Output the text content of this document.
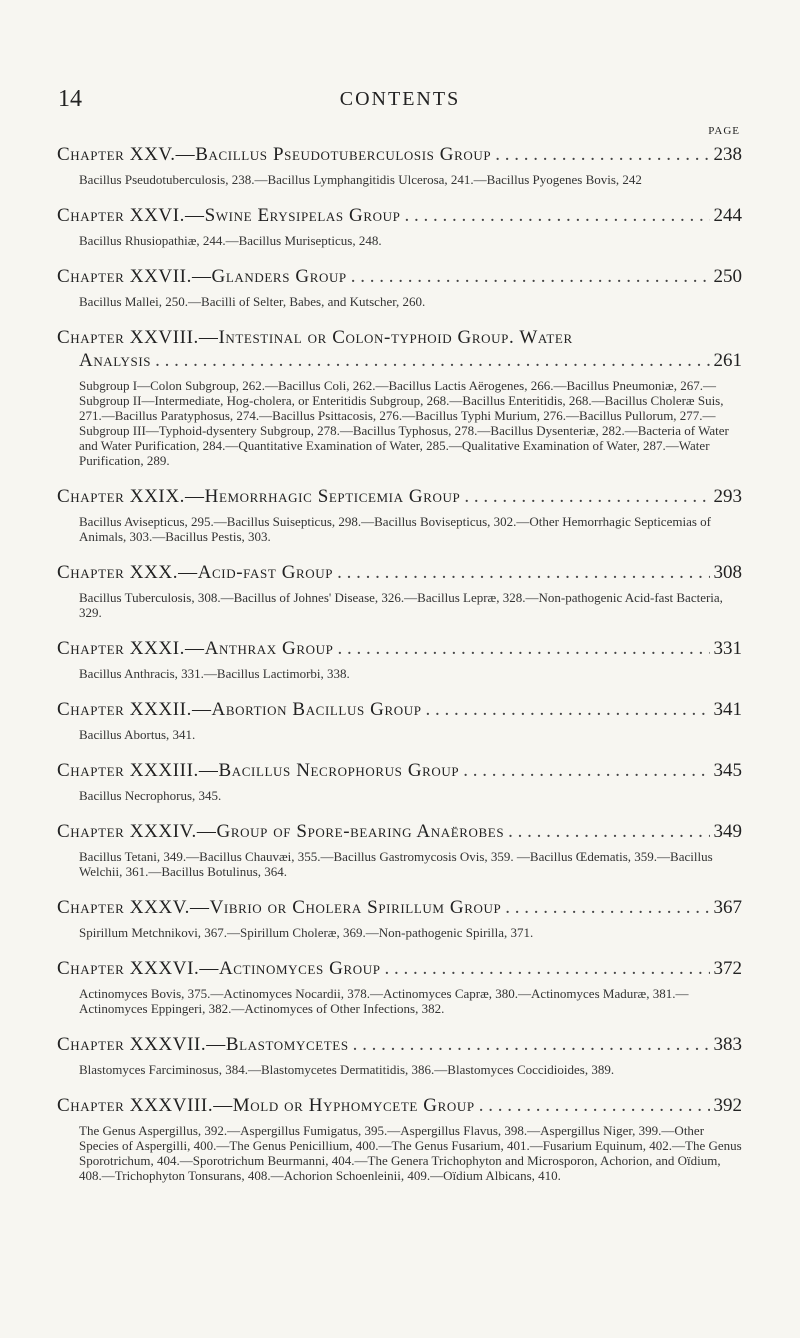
14	CONTENTS
PAGE
Chapter XXV.—Bacillus Pseudotuberculosis Group . . .	238
Bacillus Pseudotuberculosis, 238.—Bacillus Lymphangitidis Ulcerosa, 241.—Bacillus Pyogenes Bovis, 242
Chapter XXVI.—Swine Erysipelas Group . . .	244
Bacillus Rhusiopathiæ, 244.—Bacillus Murisepticus, 248.
Chapter XXVII.—Glanders Group . . .	250
Bacillus Mallei, 250.—Bacilli of Selter, Babes, and Kutscher, 260.
Chapter XXVIII.—Intestinal or Colon-typhoid Group. Water
Analysis . . .	261
Subgroup I—Colon Subgroup, 262.—Bacillus Coli, 262.—Bacillus Lactis Aërogenes, 266.—Bacillus Pneumoniæ, 267.—Subgroup II—Intermediate, Hog-cholera, or Enteritidis Subgroup, 268.—Bacillus Enteritidis, 268.—Bacillus Choleræ Suis, 271.—Bacillus Paratyphosus, 274.—Bacillus Psittacosis, 276.—Bacillus Typhi Murium, 276.—Bacillus Pullorum, 277.—Subgroup III—Typhoid-dysentery Subgroup, 278.—Bacillus Typhosus, 278.—Bacillus Dysenteriæ, 282.—Bacteria of Water and Water Purification, 284.—Quantitative Examination of Water, 285.—Qualitative Examination of Water, 287.—Water Purification, 289.
Chapter XXIX.—Hemorrhagic Septicemia Group . . .	293
Bacillus Avisepticus, 295.—Bacillus Suisepticus, 298.—Bacillus Bovisepticus, 302.—Other Hemorrhagic Septicemias of Animals, 303.—Bacillus Pestis, 303.
Chapter XXX.—Acid-fast Group . . .	308
Bacillus Tuberculosis, 308.—Bacillus of Johnes' Disease, 326.—Bacillus Lepræ, 328.—Non-pathogenic Acid-fast Bacteria, 329.
Chapter XXXI.—Anthrax Group . . .	331
Bacillus Anthracis, 331.—Bacillus Lactimorbi, 338.
Chapter XXXII.—Abortion Bacillus Group . . .	341
Bacillus Abortus, 341.
Chapter XXXIII.—Bacillus Necrophorus Group . . .	345
Bacillus Necrophorus, 345.
Chapter XXXIV.—Group of Spore-bearing Anaërobes . . .	349
Bacillus Tetani, 349.—Bacillus Chauvæi, 355.—Bacillus Gastromycosis Ovis, 359. —Bacillus Œdematis, 359.—Bacillus Welchii, 361.—Bacillus Botulinus, 364.
Chapter XXXV.—Vibrio or Cholera Spirillum Group . . .	367
Spirillum Metchnikovi, 367.—Spirillum Choleræ, 369.—Non-pathogenic Spirilla, 371.
Chapter XXXVI.—Actinomyces Group . . .	372
Actinomyces Bovis, 375.—Actinomyces Nocardii, 378.—Actinomyces Capræ, 380.—Actinomyces Maduræ, 381.—Actinomyces Eppingeri, 382.—Actinomyces of Other Infections, 382.
Chapter XXXVII.—Blastomycetes . . .	383
Blastomyces Farciminosus, 384.—Blastomycetes Dermatitidis, 386.—Blastomyces Coccidioides, 389.
Chapter XXXVIII.—Mold or Hyphomycete Group . . .	392
The Genus Aspergillus, 392.—Aspergillus Fumigatus, 395.—Aspergillus Flavus, 398.—Aspergillus Niger, 399.—Other Species of Aspergilli, 400.—The Genus Penicillium, 400.—The Genus Fusarium, 401.—Fusarium Equinum, 402.—The Genus Sporotrichum, 404.—Sporotrichum Beurmanni, 404.—The Genera Trichophyton and Microsporon, Achorion, and Oïdium, 408.—Trichophyton Tonsurans, 408.—Achorion Schoenleinii, 409.—Oïdium Albicans, 410.
